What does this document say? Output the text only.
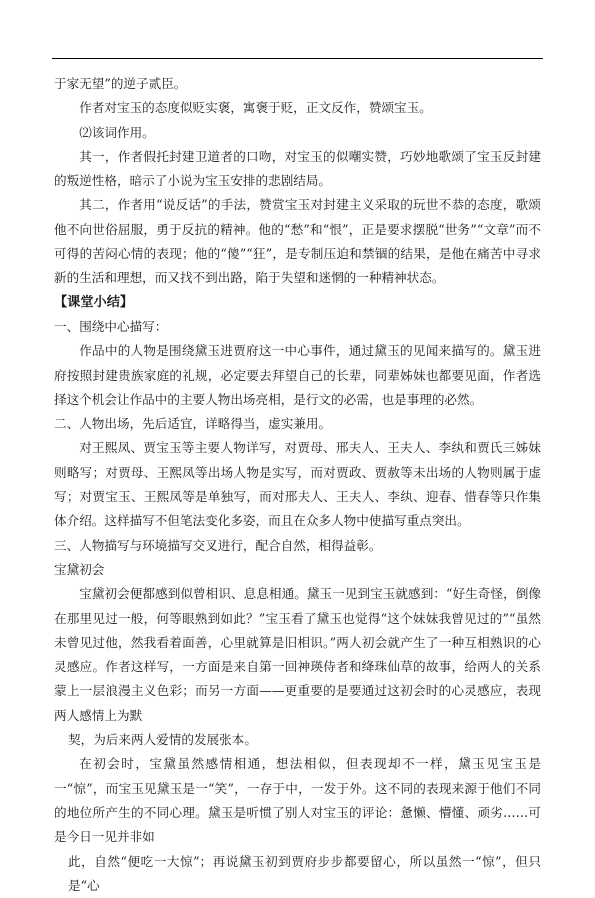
于家无望”的逆子贰臣。

作者对宝玉的态度似贬实褒，寓褒于贬，正文反作，赞颂宝玉。

⑵该词作用。

其一，作者假托封建卫道者的口吻，对宝玉的似嘲实赞，巧妙地歌颂了宝玉反封建的叛逆性格，暗示了小说为宝玉安排的悲剧结局。

其二，作者用“说反话”的手法，赞赏宝玉对封建主义采取的玩世不恭的态度，歌颂他不向世俗屈服，勇于反抗的精神。他的“愁”和“恨”，正是要求摆脱“世务”“文章”而不可得的苦闷心情的表现；他的“傻”“狂”，是专制压迫和禁锢的结果，是他在痛苦中寻求新的生活和理想，而又找不到出路，陷于失望和迷惘的一种精神状态。

【课堂小结】

一、围绕中心描写：

作品中的人物是围绕黛玉进贾府这一中心事件，通过黛玉的见闻来描写的。黛玉进府按照封建贵族家庭的礼规，必定要去拜望自己的长辈，同辈姊妹也都要见面，作者选择这个机会让作品中的主要人物出场亮相，是行文的必需，也是事理的必然。

二、人物出场，先后适宜，详略得当，虚实兼用。

对王熙凤、贾宝玉等主要人物详写，对贾母、邢夫人、王夫人、李纨和贾氏三姊妹则略写；对贾母、王熙凤等出场人物是实写，而对贾政、贾赦等未出场的人物则属于虚写；对贾宝玉、王熙凤等是单独写，而对邢夫人、王夫人、李纨、迎春、惜春等只作集体介绍。这样描写不但笔法变化多姿，而且在众多人物中使描写重点突出。

三、人物描写与环境描写交叉进行，配合自然，相得益彰。

宝黛初会

宝黛初会便都感到似曾相识、息息相通。黛玉一见到宝玉就感到：“好生奇怪，倒像在那里见过一般，何等眼熟到如此？”宝玉看了黛玉也觉得“这个妹妹我曾见过的”“虽然未曾见过他，然我看着面善，心里就算是旧相识。”两人初会就产生了一种互相熟识的心灵感应。作者这样写，一方面是来自第一回神瑛侍者和绛珠仙草的故事，给两人的关系蒙上一层浪漫主义色彩；而另一方面——更重要的是要通过这初会时的心灵感应，表现两人感情上为默

契，为后来两人爱情的发展张本。

在初会时，宝黛虽然感情相通，想法相似，但表现却不一样，黛玉见宝玉是一“惊”，而宝玉见黛玉是一“笑”，一存于中，一发于外。这不同的表现来源于他们不同的地位所产生的不同心理。黛玉是听惯了别人对宝玉的评论：惫懒、懵懂、顽劣……可是今日一见并非如

此，自然“便吃一大惊”；再说黛玉初到贾府步步都要留心，所以虽然一“惊”，但只是“心
